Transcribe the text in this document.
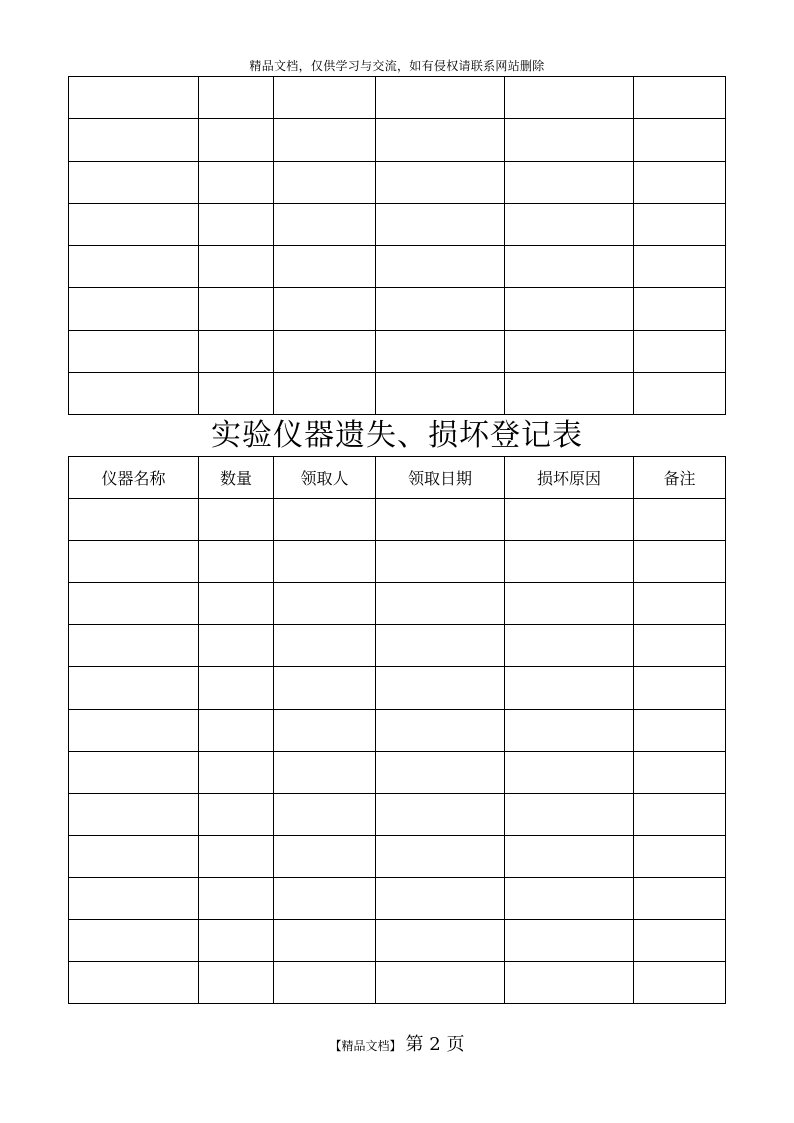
精品文档，仅供学习与交流，如有侵权请联系网站删除

实验仪器遗失、损坏登记表
仪器名称	数量	领取人	领取日期	损坏原因	备注

【精品文档】 第 2 页
